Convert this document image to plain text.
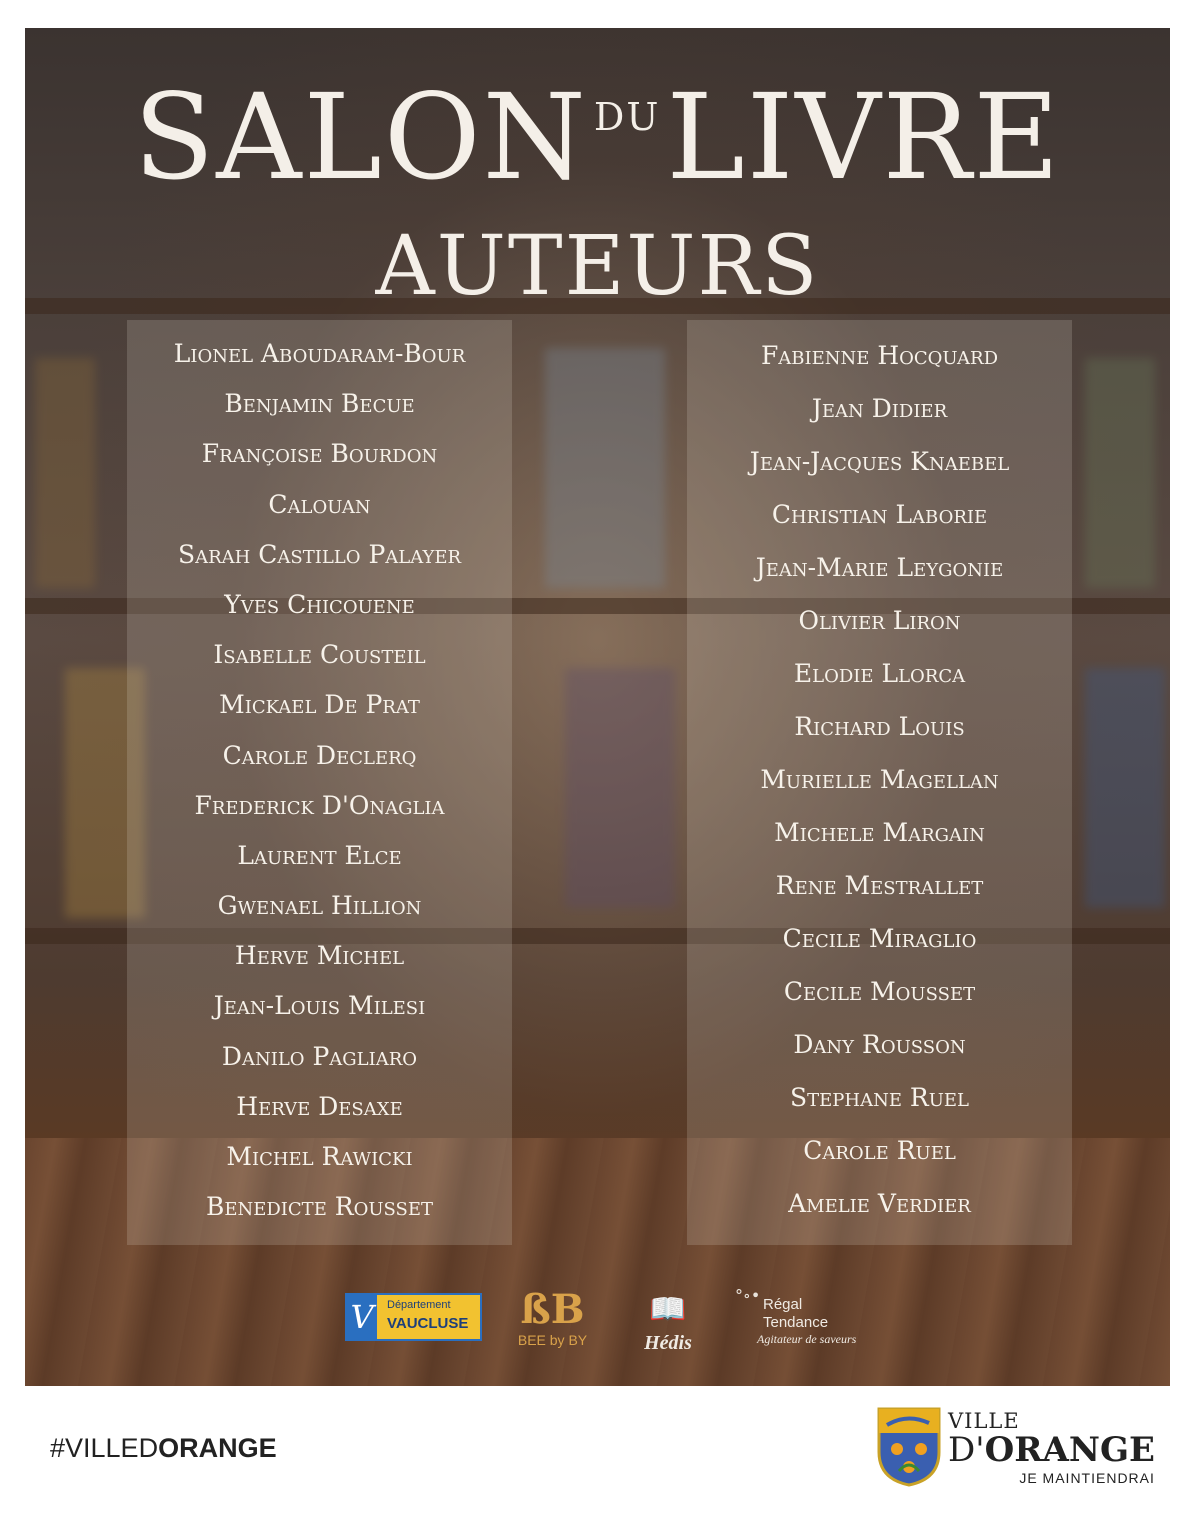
SALON $^{DU}$LIVRE
AUTEURS
Lionel Aboudaram-Bour
Benjamin Becue
Françoise Bourdon
Calouan
Sarah Castillo Palayer
Yves Chicouene
Isabelle Cousteil
Mickael De Prat
Carole Declerq
Frederick D'Onaglia
Laurent Elce
Gwenael Hillion
Herve Michel
Jean-Louis Milesi
Danilo Pagliaro
Herve Desaxe
Michel Rawicki
Benedicte Rousset
Fabienne Hocquard
Jean Didier
Jean-Jacques Knaebel
Christian Laborie
Jean-Marie Leygonie
Olivier Liron
Elodie Llorca
Richard Louis
Murielle Magellan
Michele Margain
Rene Mestrallet
Cecile Miraglio
Cecile Mousset
Dany Rousson
Stephane Ruel
Carole Ruel
Amelie Verdier
V	Département
VAUCLUSE ßB
BEE by BY
📖
Hédis
°∘• Régal
Tendance
Agitateur de saveurs
#VILLEDORANGE
VILLE
D'ORANGE
JE MAINTIENDRAI
